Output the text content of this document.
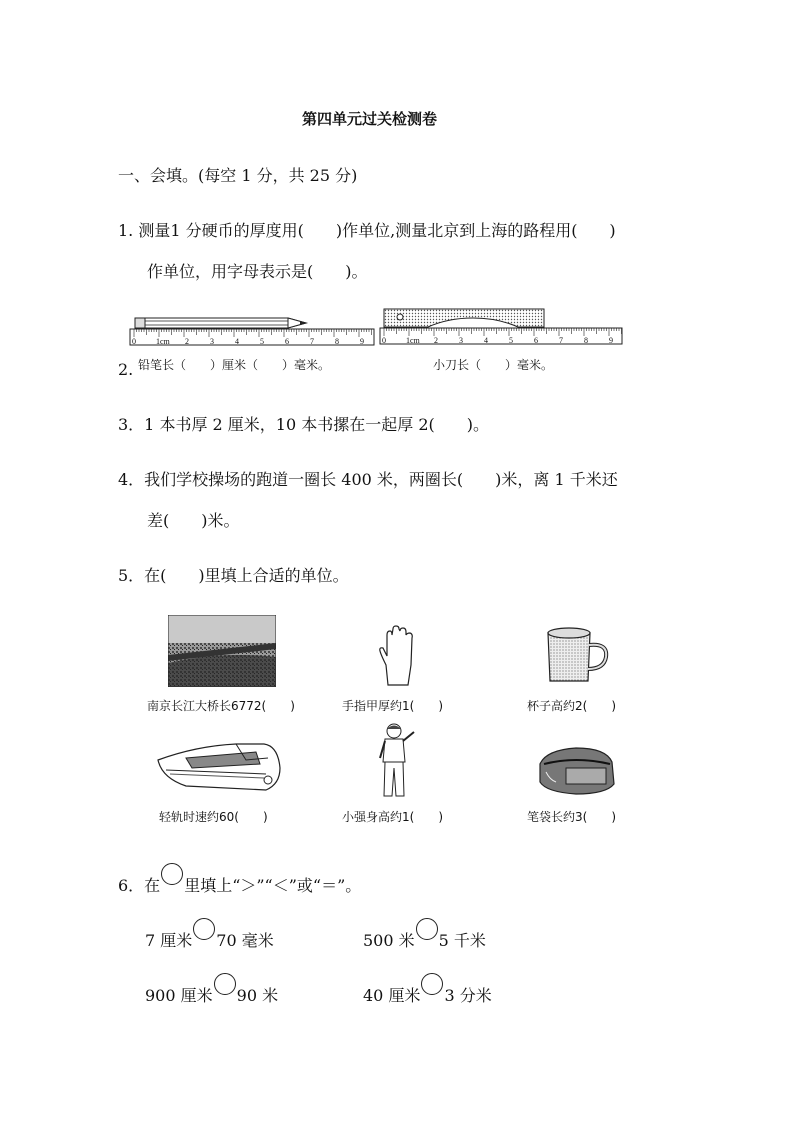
第四单元过关检测卷
一、会填。(每空 1 分，共 25 分)
1. 测量1 分硬币的厚度用(　　)作单位,测量北京到上海的路程用(　　)
作单位，用字母表示是(　　)。
2.
0	1cm 2	3	4	5	6	7	8	9 0	1cm 2	3	4	5	6	7	8	9
铅笔长（　　）厘米（　　）毫米。	小刀长（　　）毫米。
3．1 本书厚 2 厘米，10 本书摞在一起厚 2(　　)。
4．我们学校操场的跑道一圈长 400 米，两圈长(　　)米，离 1 千米还
差(　　)米。
5．在(　　)里填上合适的单位。
南京长江大桥长6772(　　)	手指甲厚约1(　　)	杯子高约2(　　)
轻轨时速约60(　　)	小强身高约1(　　)	笔袋长约3(　　)
6．在 里填上“＞”“＜”或“＝”。
7 厘米 70 毫米	500 米 5 千米
900 厘米 90 米	40 厘米 3 分米
